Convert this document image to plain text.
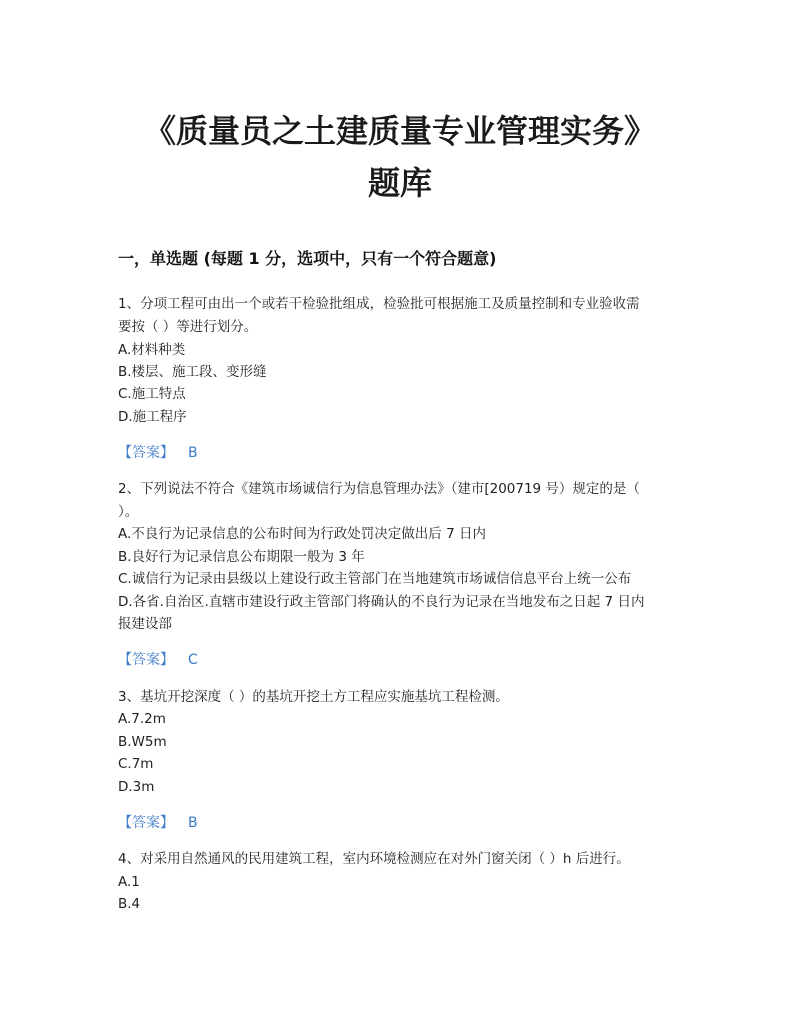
《质量员之土建质量专业管理实务》
题库
一，单选题 (每题 1 分，选项中，只有一个符合题意)

1、分项工程可由出一个或若干检验批组成，检验批可根据施工及质量控制和专业验收需

要按（ ）等进行划分。

A.材料种类

B.楼层、施工段、变形缝

C.施工特点

D.施工程序

【答案】 B

2、下列说法不符合《建筑市场诚信行为信息管理办法》（建市[200719 号）规定的是（

）。

A.不良行为记录信息的公布时间为行政处罚决定做出后 7 日内

B.良好行为记录信息公布期限一般为 3 年

C.诚信行为记录由县级以上建设行政主管部门在当地建筑市场诚信信息平台上统一公布

D.各省.自治区.直辖市建设行政主管部门将确认的不良行为记录在当地发布之日起 7 日内

报建设部

【答案】 C

3、基坑开挖深度（ ）的基坑开挖土方工程应实施基坑工程检测。

A.7.2m

B.W5m

C.7m

D.3m

【答案】 B

4、对采用自然通风的民用建筑工程，室内环境检测应在对外门窗关闭（ ）h 后进行。

A.1

B.4
